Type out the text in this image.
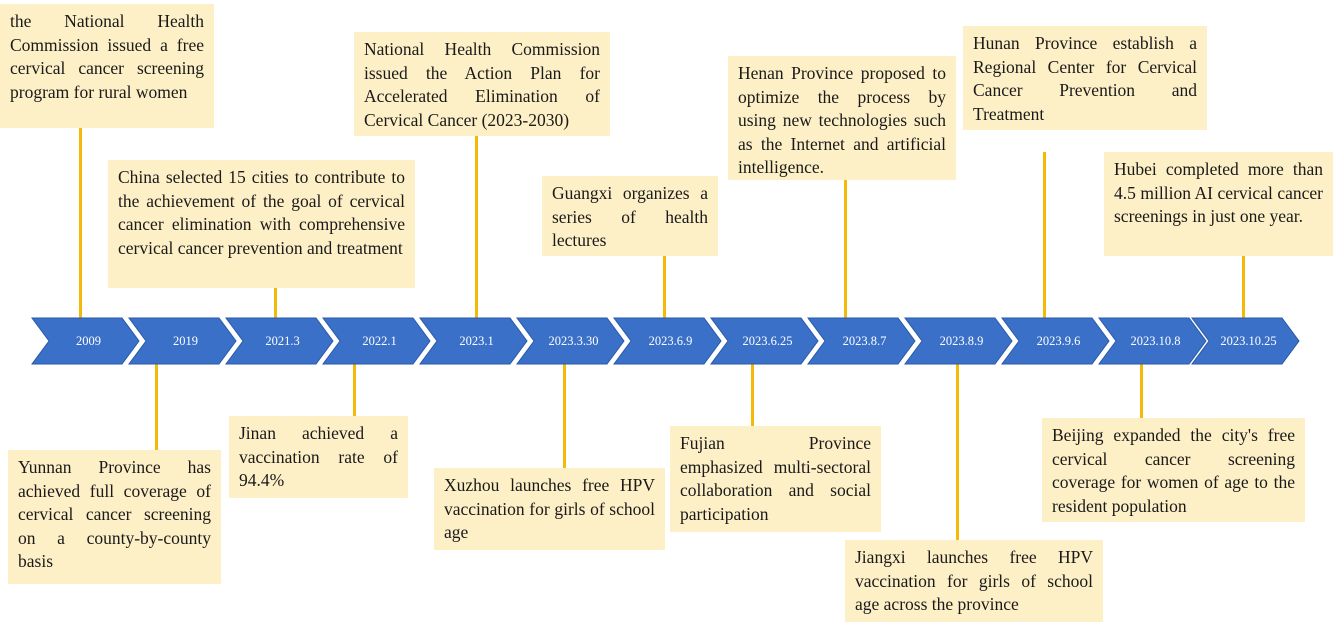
2009	2019	2021.3	2022.1	2023.1	2023.3.30	2023.6.9	2023.6.25	2023.8.7	2023.8.9	2023.9.6	2023.10.8	2023.10.25
the National Health Commission issued a free cervical cancer screening program for rural women
China selected 15 cities to contribute to the achievement of the goal of cervical cancer elimination with comprehensive cervical cancer prevention and treatment
National Health Commission issued the Action Plan for Accelerated Elimination of Cervical Cancer (2023-2030)
Guangxi organizes a series of health lectures
Henan Province proposed to optimize the process by using new technologies such as the Internet and artificial intelligence.
Hunan Province establish a Regional Center for Cervical Cancer Prevention and Treatment
Hubei completed more than 4.5 million AI cervical cancer screenings in just one year.
Yunnan Province has achieved full coverage of cervical cancer screening on a county-by-county basis
Jinan achieved a vaccination rate of 94.4%	Xuzhou launches free HPV vaccination for girls of school age
Fujian Province emphasized multi-sectoral collaboration and social participation
Jiangxi launches free HPV vaccination for girls of school age across the province
Beijing expanded the city's free cervical cancer screening coverage for women of age to the resident population
